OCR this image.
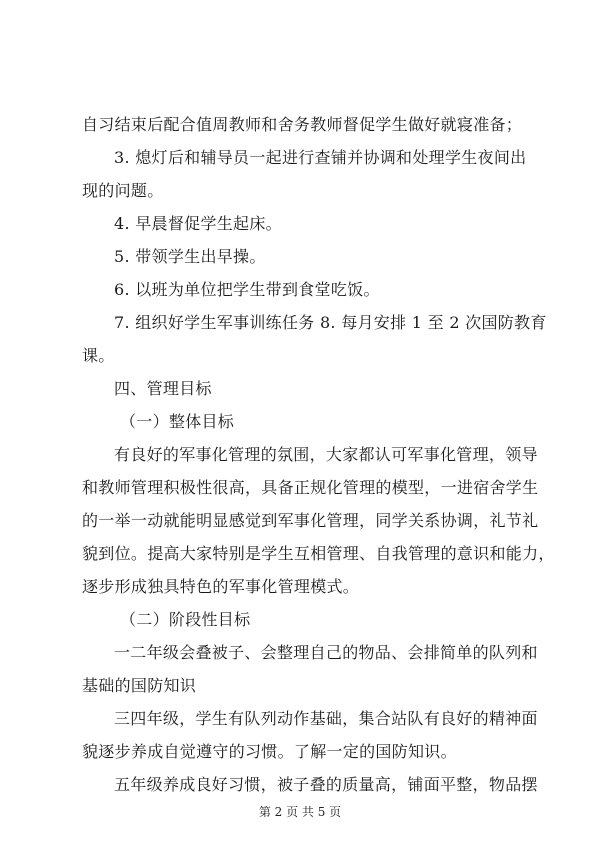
自习结束后配合值周教师和舍务教师督促学生做好就寝准备；
3. 熄灯后和辅导员一起进行查铺并协调和处理学生夜间出
现的问题。
4. 早晨督促学生起床。
5. 带领学生出早操。
6. 以班为单位把学生带到食堂吃饭。
7. 组织好学生军事训练任务 8. 每月安排 1 至 2 次国防教育
课。
四、管理目标
（一）整体目标
有良好的军事化管理的氛围，大家都认可军事化管理，领导
和教师管理积极性很高，具备正规化管理的模型，一进宿舍学生
的一举一动就能明显感觉到军事化管理，同学关系协调，礼节礼
貌到位。提高大家特别是学生互相管理、自我管理的意识和能力，
逐步形成独具特色的军事化管理模式。
（二）阶段性目标
一二年级会叠被子、会整理自己的物品、会排简单的队列和
基础的国防知识
三四年级，学生有队列动作基础，集合站队有良好的精神面
貌逐步养成自觉遵守的习惯。了解一定的国防知识。
五年级养成良好习惯，被子叠的质量高，铺面平整，物品摆
第 2 页 共 5 页
